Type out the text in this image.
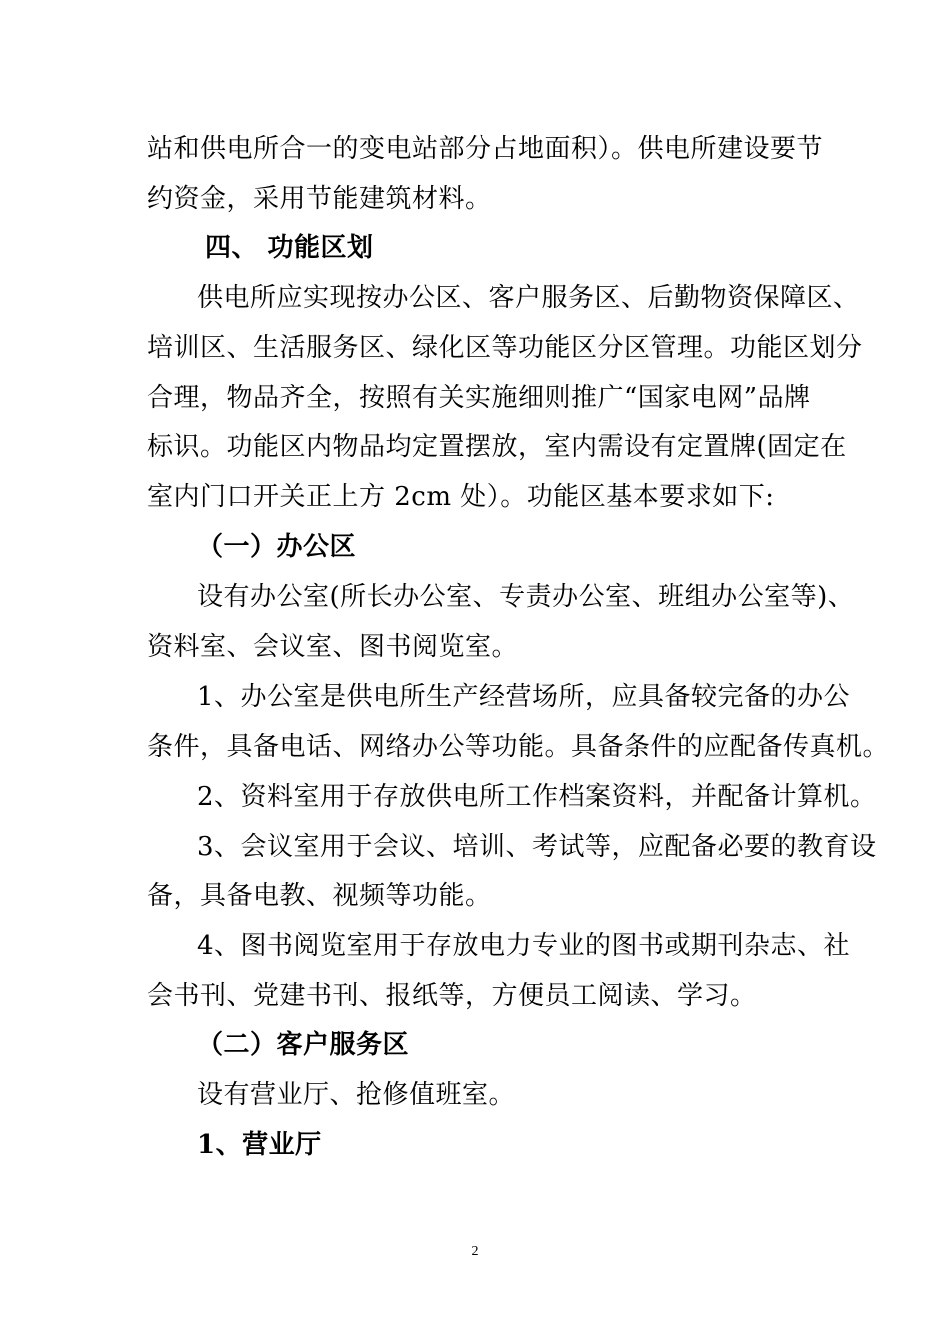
站和供电所合一的变电站部分占地面积）。供电所建设要节
约资金，采用节能建筑材料。
四、 功能区划
供电所应实现按办公区、客户服务区、后勤物资保障区、
培训区、生活服务区、绿化区等功能区分区管理。功能区划分
合理，物品齐全，按照有关实施细则推广“国家电网”品牌
标识。功能区内物品均定置摆放，室内需设有定置牌(固定在
室内门口开关正上方 2cm 处）。功能区基本要求如下:
（一）办公区
设有办公室(所长办公室、专责办公室、班组办公室等)、
资料室、会议室、图书阅览室。
1、办公室是供电所生产经营场所，应具备较完备的办公
条件，具备电话、网络办公等功能。具备条件的应配备传真机。
2、资料室用于存放供电所工作档案资料，并配备计算机。
3、会议室用于会议、培训、考试等，应配备必要的教育设
备，具备电教、视频等功能。
4、图书阅览室用于存放电力专业的图书或期刊杂志、社
会书刊、党建书刊、报纸等，方便员工阅读、学习。
（二）客户服务区
设有营业厅、抢修值班室。
1、营业厅
2
